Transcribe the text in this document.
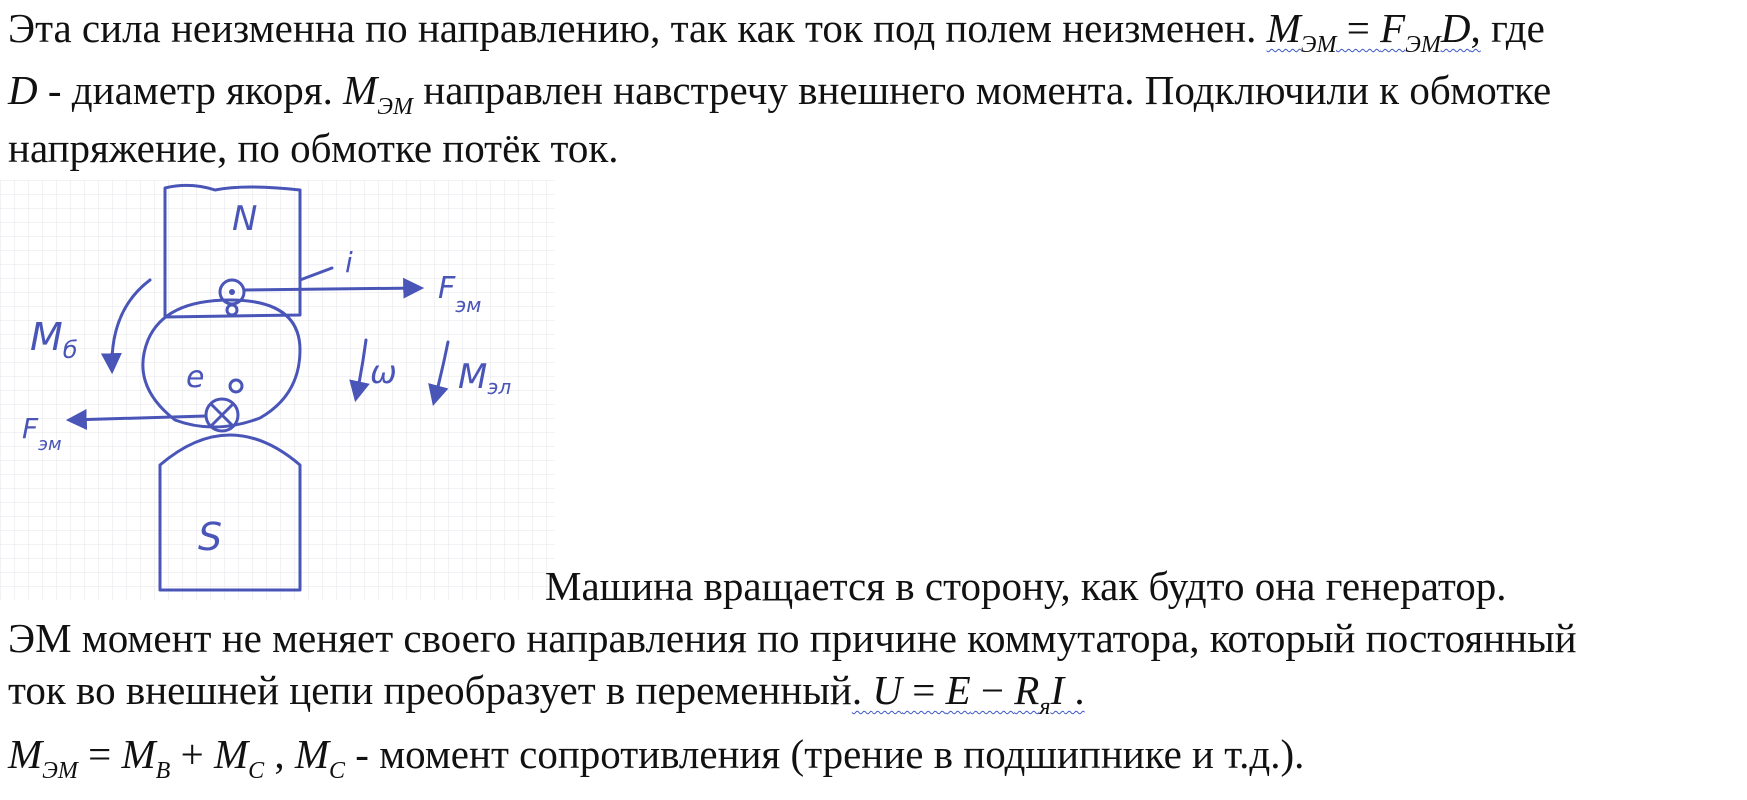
Эта сила неизменна по направлению, так как ток под полем неизменен. $M_{ЭМ} = F_{ЭМ}D$, где
D - диаметр якоря. $M_{ЭМ}$ направлен навстречу внешнего момента. Подключили к обмотке
напряжение, по обмотке потёк ток.
N
S
i
e
$F_{эм}$
$F_{эм}$
$M_б$
ω Mэл
Машина вращается в сторону, как будто она генератор.
ЭМ момент не меняет своего направления по причине коммутатора, который постоянный
ток во внешней цепи преобразует в переменный. $U = E - R_яI$ .
$M_{ЭМ} = M_В + M_C$ , $M_C$ - момент сопротивления (трение в подшипнике и т.д.).
